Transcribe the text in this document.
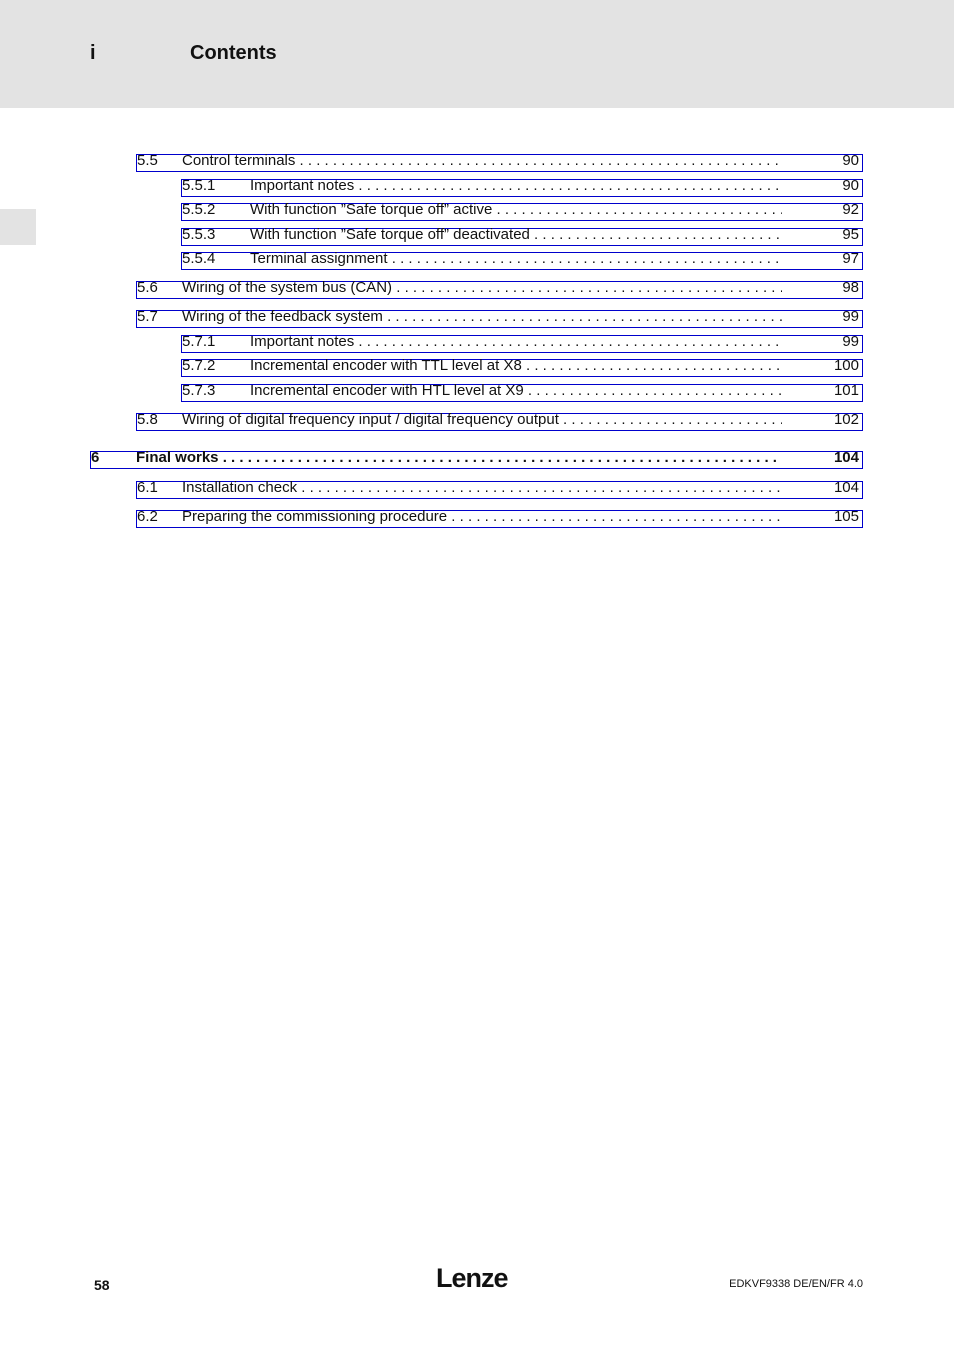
i	Contents
5.5 Control terminals . . .	90
5.5.1 Important notes . . .	90
5.5.2 With function ”Safe torque off” active . . .	92
5.5.3 With function ”Safe torque off” deactivated . . .	95
5.5.4 Terminal assignment . . .	97
5.6 Wiring of the system bus (CAN) . . .	98
5.7 Wiring of the feedback system . . .	99
5.7.1 Important notes . . .	99
5.7.2 Incremental encoder with TTL level at X8 . . .	100
5.7.3 Incremental encoder with HTL level at X9 . . .	101
5.8 Wiring of digital frequency input / digital frequency output . . .	102
6 Final works . . .	104
6.1 Installation check . . .	104
6.2 Preparing the commissioning procedure . . .	105
58	Lenze	EDKVF9338 DE/EN/FR 4.0
